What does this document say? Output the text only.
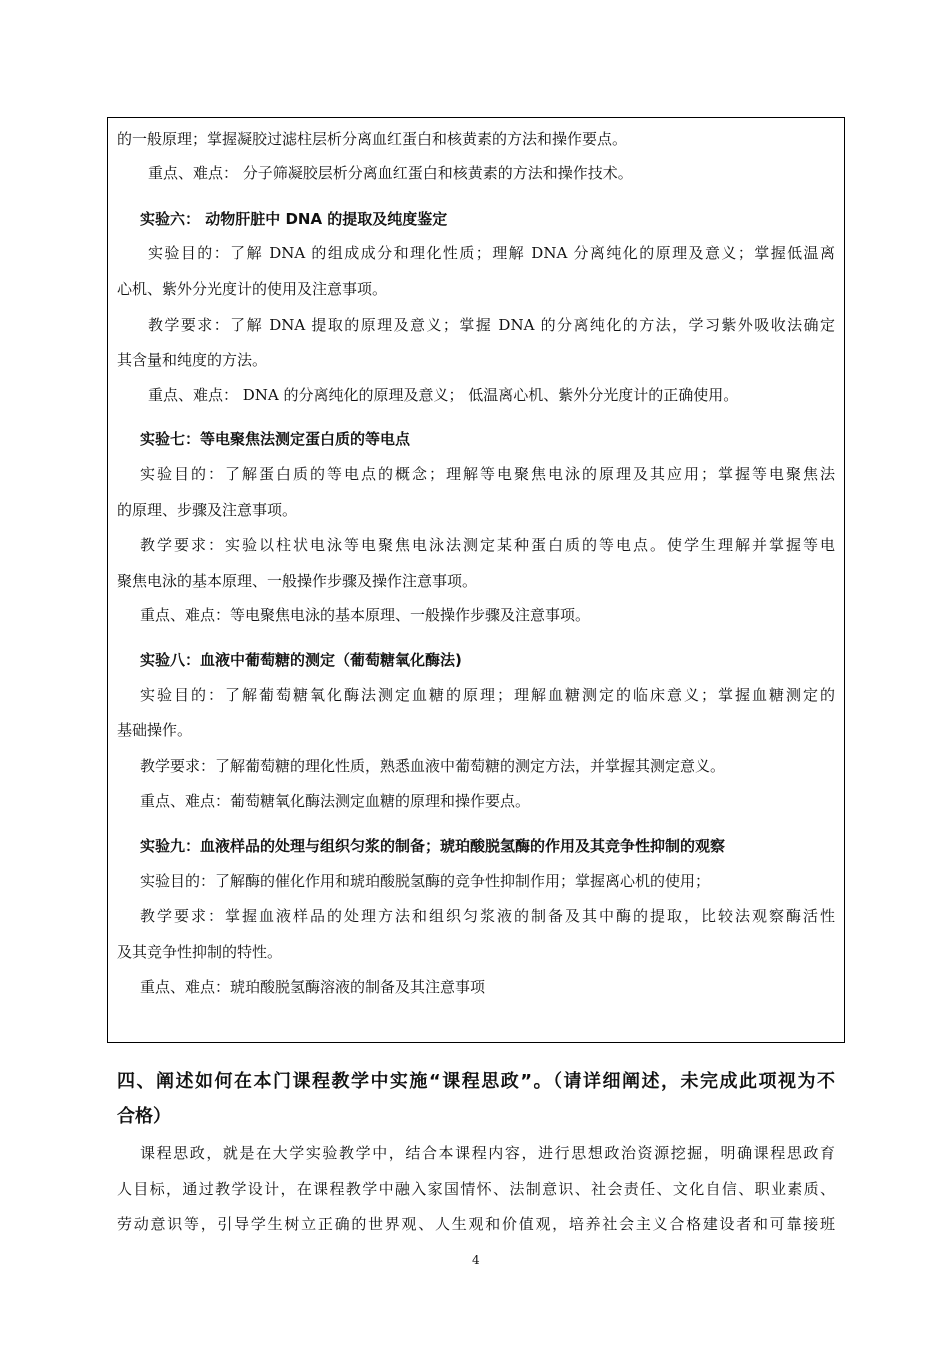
的一般原理；掌握凝胶过滤柱层析分离血红蛋白和核黄素的方法和操作要点。
重点、难点： 分子筛凝胶层析分离血红蛋白和核黄素的方法和操作技术。
实验六： 动物肝脏中 DNA 的提取及纯度鉴定
实验目的：了解 DNA 的组成成分和理化性质；理解 DNA 分离纯化的原理及意义；掌握低温离
心机、紫外分光度计的使用及注意事项。
教学要求：了解 DNA 提取的原理及意义；掌握 DNA 的分离纯化的方法，学习紫外吸收法确定
其含量和纯度的方法。
重点、难点： DNA 的分离纯化的原理及意义； 低温离心机、紫外分光度计的正确使用。
实验七：等电聚焦法测定蛋白质的等电点
实验目的：了解蛋白质的等电点的概念；理解等电聚焦电泳的原理及其应用；掌握等电聚焦法
的原理、步骤及注意事项。
教学要求：实验以柱状电泳等电聚焦电泳法测定某种蛋白质的等电点。使学生理解并掌握等电
聚焦电泳的基本原理、一般操作步骤及操作注意事项。
重点、难点：等电聚焦电泳的基本原理、一般操作步骤及注意事项。
实验八：血液中葡萄糖的测定（葡萄糖氧化酶法)
实验目的：了解葡萄糖氧化酶法测定血糖的原理；理解血糖测定的临床意义；掌握血糖测定的
基础操作。
教学要求：了解葡萄糖的理化性质，熟悉血液中葡萄糖的测定方法，并掌握其测定意义。
重点、难点：葡萄糖氧化酶法测定血糖的原理和操作要点。
实验九：血液样品的处理与组织匀浆的制备；琥珀酸脱氢酶的作用及其竞争性抑制的观察
实验目的：了解酶的催化作用和琥珀酸脱氢酶的竞争性抑制作用；掌握离心机的使用；
教学要求：掌握血液样品的处理方法和组织匀浆液的制备及其中酶的提取，比较法观察酶活性
及其竞争性抑制的特性。
重点、难点：琥珀酸脱氢酶溶液的制备及其注意事项
四、阐述如何在本门课程教学中实施“课程思政”。（请详细阐述，未完成此项视为不
合格）
课程思政，就是在大学实验教学中，结合本课程内容，进行思想政治资源挖掘，明确课程思政育
人目标，通过教学设计，在课程教学中融入家国情怀、法制意识、社会责任、文化自信、职业素质、
劳动意识等，引导学生树立正确的世界观、人生观和价值观，培养社会主义合格建设者和可靠接班
4
